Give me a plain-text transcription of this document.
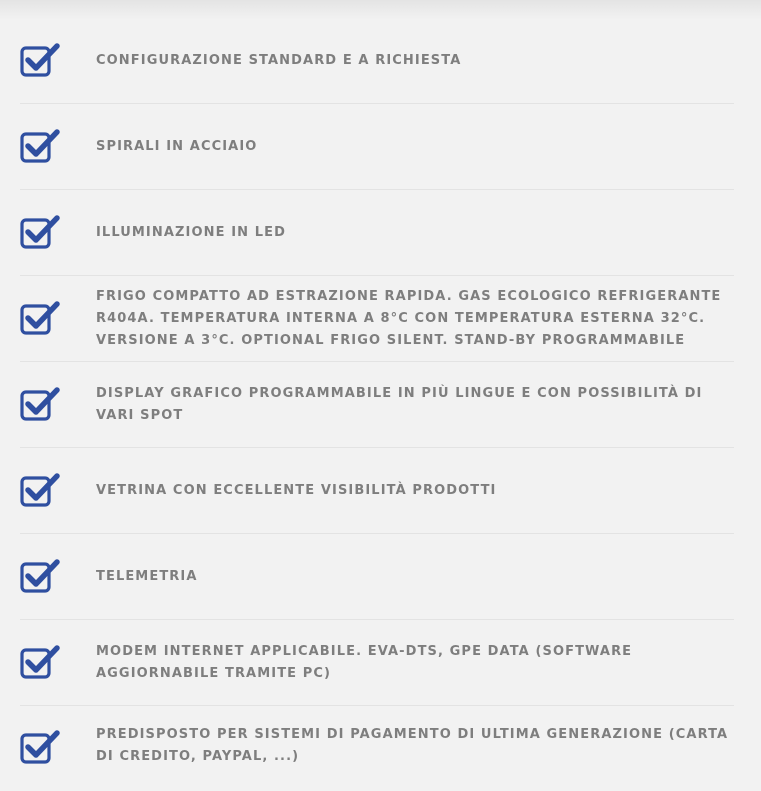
CONFIGURAZIONE STANDARD E A RICHIESTA

SPIRALI IN ACCIAIO

ILLUMINAZIONE IN LED

FRIGO COMPATTO AD ESTRAZIONE RAPIDA. GAS ECOLOGICO REFRIGERANTE R404A. TEMPERATURA INTERNA A 8°C CON TEMPERATURA ESTERNA 32°C. VERSIONE A 3°C. OPTIONAL FRIGO SILENT. STAND-BY PROGRAMMABILE

DISPLAY GRAFICO PROGRAMMABILE IN PIÙ LINGUE E CON POSSIBILITÀ DI VARI SPOT

VETRINA CON ECCELLENTE VISIBILITÀ PRODOTTI

TELEMETRIA

MODEM INTERNET APPLICABILE. EVA-DTS, GPE DATA (SOFTWARE AGGIORNABILE TRAMITE PC)

PREDISPOSTO PER SISTEMI DI PAGAMENTO DI ULTIMA GENERAZIONE (CARTA DI CREDITO, PAYPAL, ...)
